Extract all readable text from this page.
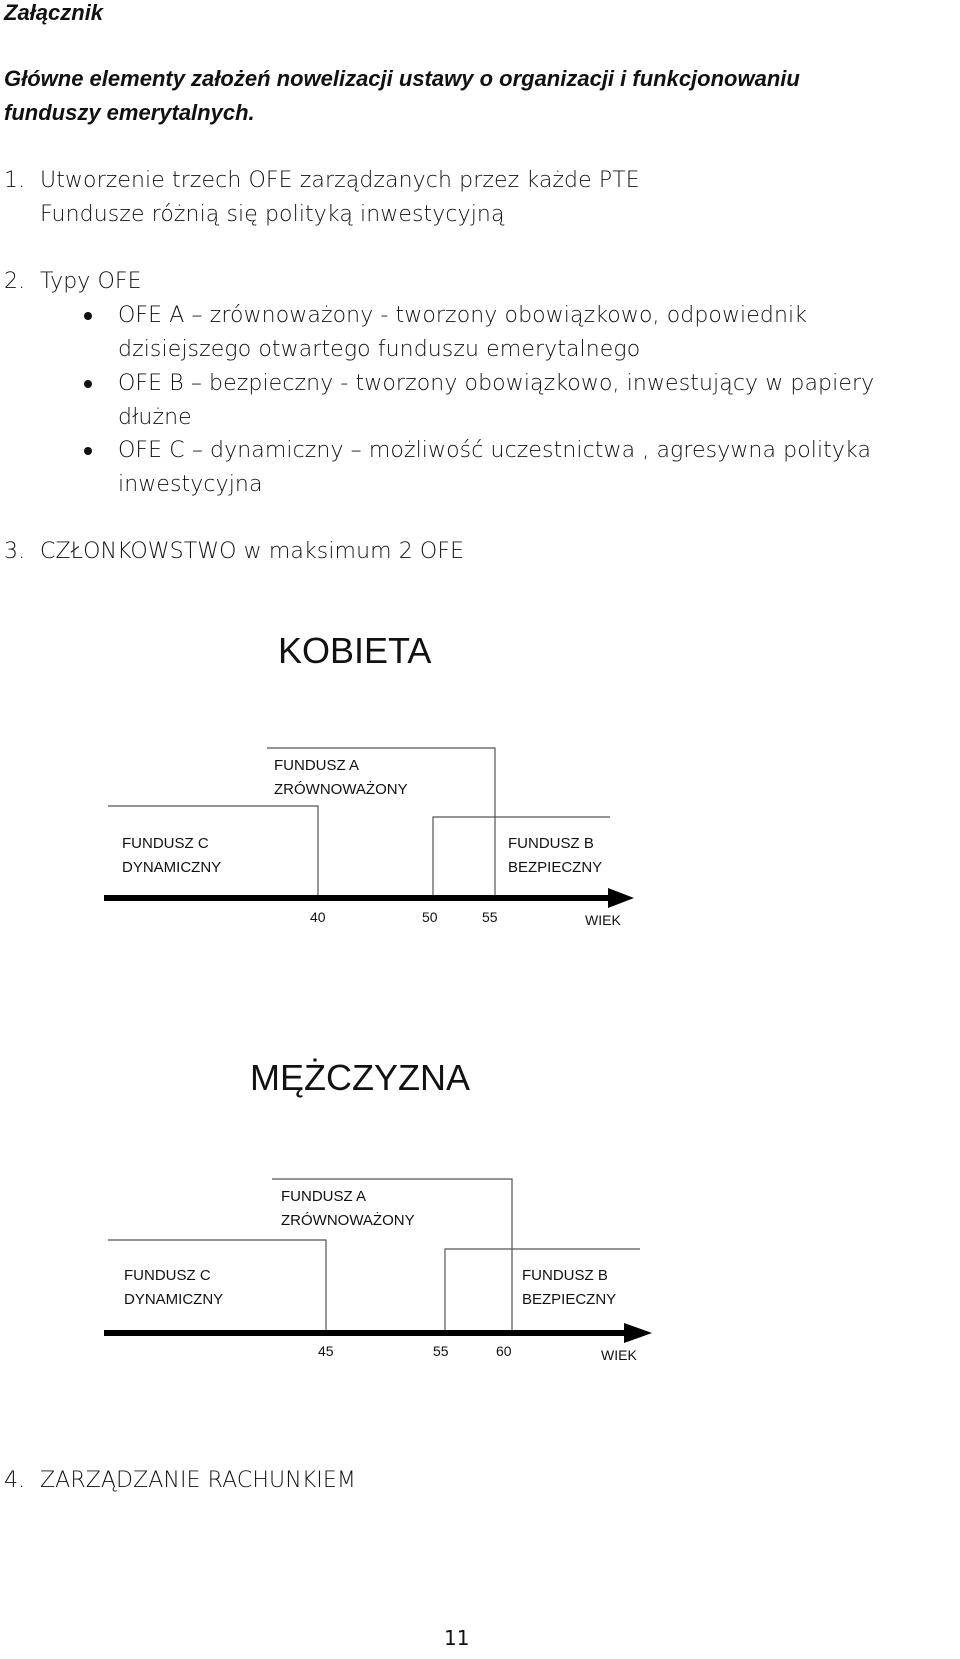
Załącznik
Główne elementy założeń nowelizacji ustawy o organizacji i funkcjonowaniu
funduszy emerytalnych.
1. Utworzenie trzech OFE zarządzanych przez każde PTE
Fundusze różnią się polityką inwestycyjną
2. Typy OFE
OFE A – zrównoważony - tworzony obowiązkowo, odpowiednik
dzisiejszego otwartego funduszu emerytalnego
OFE B – bezpieczny - tworzony obowiązkowo, inwestujący w papiery
dłużne
OFE C – dynamiczny – możliwość uczestnictwa , agresywna polityka
inwestycyjna
3. CZŁONKOWSTWO w maksimum 2 OFE
KOBIETA
FUNDUSZ A
ZRÓWNOWAŻONY
FUNDUSZ C
DYNAMICZNY
FUNDUSZ B
BEZPIECZNY
40	50	55	WIEK
MĘŻCZYZNA
FUNDUSZ A
ZRÓWNOWAŻONY
FUNDUSZ C
DYNAMICZNY
FUNDUSZ B
BEZPIECZNY
45	55	60	WIEK
4. ZARZĄDZANIE RACHUNKIEM
11
